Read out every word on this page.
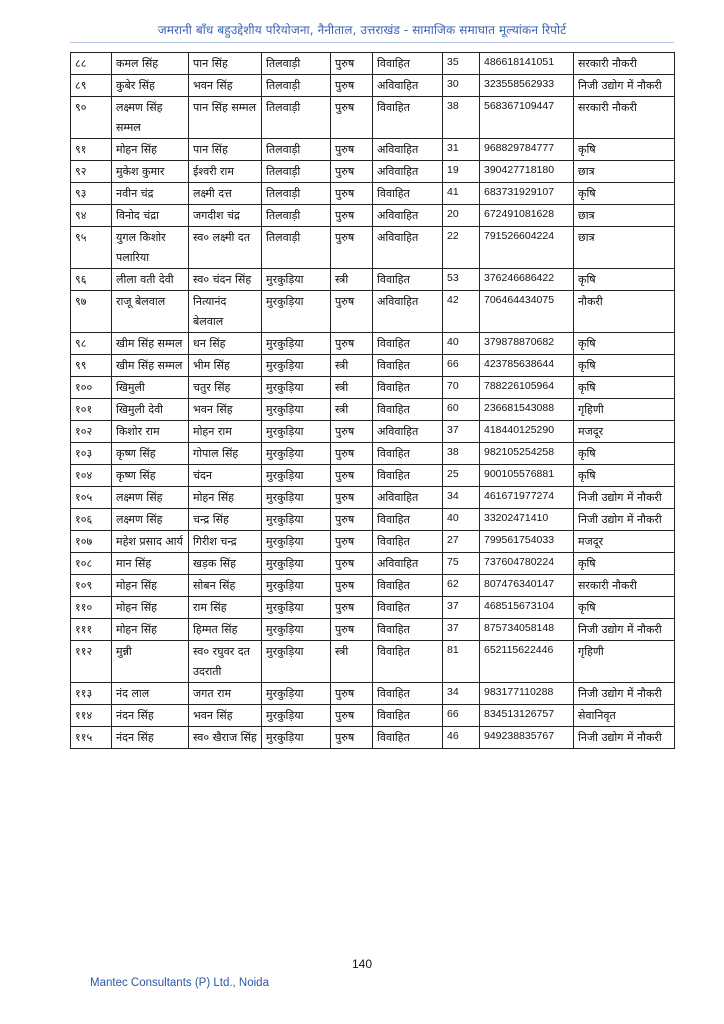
जमरानी बाँध बहुउद्देशीय परियोजना, नैनीताल, उत्तराखंड - सामाजिक समाघात मूल्यांकन रिपोर्ट
८८	कमल सिंह	पान सिंह	तिलवाड़ी	पुरुष	विवाहित	35	486618141051	सरकारी नौकरी
८९	कुबेर सिंह	भवन सिंह	तिलवाड़ी	पुरुष	अविवाहित	30	323558562933	निजी उद्योग में नौकरी
९०	लक्ष्मण सिंह सम्मल	पान सिंह सम्मल	तिलवाड़ी	पुरुष	विवाहित	38	568367109447	सरकारी नौकरी
९१	मोहन सिंह	पान सिंह	तिलवाड़ी	पुरुष	अविवाहित	31	968829784777	कृषि
९२	मुकेश कुमार	ईश्वरी राम	तिलवाड़ी	पुरुष	अविवाहित	19	390427718180	छात्र
९३	नवीन चंद्र	लक्ष्मी दत्त	तिलवाड़ी	पुरुष	विवाहित	41	683731929107	कृषि
९४	विनोद चंद्रा	जगदीश चंद्र	तिलवाड़ी	पुरुष	अविवाहित	20	672491081628	छात्र
९५	युगल किशोर पलारिया	स्व० लक्ष्मी दत	तिलवाड़ी	पुरुष	अविवाहित	22	791526604224	छात्र
९६	लीला वती देवी	स्व० चंदन सिंह	मुरकुड़िया	स्त्री	विवाहित	53	376246686422	कृषि
९७	राजू बेलवाल	नित्यानंद बेलवाल	मुरकुड़िया	पुरुष	अविवाहित	42	706464434075	नौकरी
९८	खीम सिंह सम्मल	धन सिंह	मुरकुड़िया	पुरुष	विवाहित	40	379878870682	कृषि
९९	खीम सिंह सम्मल	भीम सिंह	मुरकुड़िया	स्त्री	विवाहित	66	423785638644	कृषि
१००	खिमुली	चतुर सिंह	मुरकुड़िया	स्त्री	विवाहित	70	788226105964	कृषि
१०१	खिमुली देवी	भवन सिंह	मुरकुड़िया	स्त्री	विवाहित	60	236681543088	गृहिणी
१०२	किशोर राम	मोहन राम	मुरकुड़िया	पुरुष	अविवाहित	37	418440125290	मजदूर
१०३	कृष्ण सिंह	गोपाल सिंह	मुरकुड़िया	पुरुष	विवाहित	38	982105254258	कृषि
१०४	कृष्ण सिंह	चंदन	मुरकुड़िया	पुरुष	विवाहित	25	900105576881	कृषि
१०५	लक्ष्मण सिंह	मोहन सिंह	मुरकुड़िया	पुरुष	अविवाहित	34	461671977274	निजी उद्योग में नौकरी
१०६	लक्ष्मण सिंह	चन्द्र सिंह	मुरकुड़िया	पुरुष	विवाहित	40	33202471410	निजी उद्योग में नौकरी
१०७	महेश प्रसाद आर्य	गिरीश चन्द्र	मुरकुड़िया	पुरुष	विवाहित	27	799561754033	मजदूर
१०८	मान सिंह	खड़क सिंह	मुरकुड़िया	पुरुष	अविवाहित	75	737604780224	कृषि
१०९	मोहन सिंह	सोबन सिंह	मुरकुड़िया	पुरुष	विवाहित	62	807476340147	सरकारी नौकरी
११०	मोहन सिंह	राम सिंह	मुरकुड़िया	पुरुष	विवाहित	37	468515673104	कृषि
१११	मोहन सिंह	हिम्मत सिंह	मुरकुड़िया	पुरुष	विवाहित	37	875734058148	निजी उद्योग में नौकरी
११२	मुन्नी	स्व० रघुवर दत उदराती	मुरकुड़िया	स्त्री	विवाहित	81	652115622446	गृहिणी
११३	नंद लाल	जगत राम	मुरकुड़िया	पुरुष	विवाहित	34	983177110288	निजी उद्योग में नौकरी
११४	नंदन सिंह	भवन सिंह	मुरकुड़िया	पुरुष	विवाहित	66	834513126757	सेवानिवृत
११५	नंदन सिंह	स्व० खैराज सिंह	मुरकुड़िया	पुरुष	विवाहित	46	949238835767	निजी उद्योग में नौकरी
140
Mantec Consultants (P) Ltd., Noida
